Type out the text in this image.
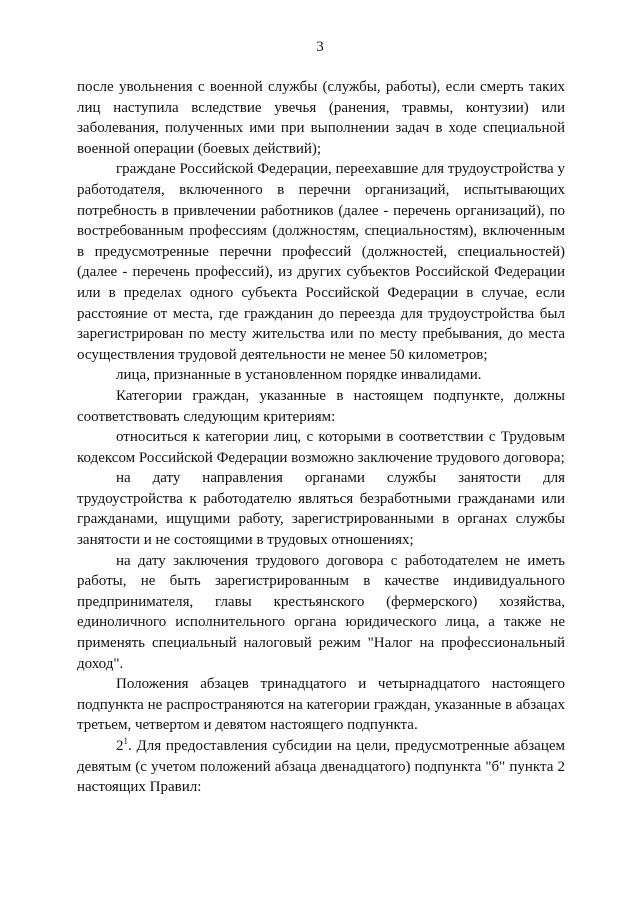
3

после увольнения с военной службы (службы, работы), если смерть таких лиц наступила вследствие увечья (ранения, травмы, контузии) или заболевания, полученных ими при выполнении задач в ходе специальной военной операции (боевых действий);

граждане Российской Федерации, переехавшие для трудоустройства у работодателя, включенного в перечни организаций, испытывающих потребность в привлечении работников (далее - перечень организаций), по востребованным профессиям (должностям, специальностям), включенным в предусмотренные перечни профессий (должностей, специальностей) (далее - перечень профессий), из других субъектов Российской Федерации или в пределах одного субъекта Российской Федерации в случае, если расстояние от места, где гражданин до переезда для трудоустройства был зарегистрирован по месту жительства или по месту пребывания, до места осуществления трудовой деятельности не менее 50 километров;

лица, признанные в установленном порядке инвалидами.

Категории граждан, указанные в настоящем подпункте, должны соответствовать следующим критериям:

относиться к категории лиц, с которыми в соответствии с Трудовым кодексом Российской Федерации возможно заключение трудового договора;

на дату направления органами службы занятости для трудоустройства к работодателю являться безработными гражданами или гражданами, ищущими работу, зарегистрированными в органах службы занятости и не состоящими в трудовых отношениях;

на дату заключения трудового договора с работодателем не иметь работы, не быть зарегистрированным в качестве индивидуального предпринимателя, главы крестьянского (фермерского) хозяйства, единоличного исполнительного органа юридического лица, а также не применять специальный налоговый режим "Налог на профессиональный доход".

Положения абзацев тринадцатого и четырнадцатого настоящего подпункта не распространяются на категории граждан, указанные в абзацах третьем, четвертом и девятом настоящего подпункта.

$2^1$. Для предоставления субсидии на цели, предусмотренные абзацем девятым (с учетом положений абзаца двенадцатого) подпункта "б" пункта 2 настоящих Правил:
